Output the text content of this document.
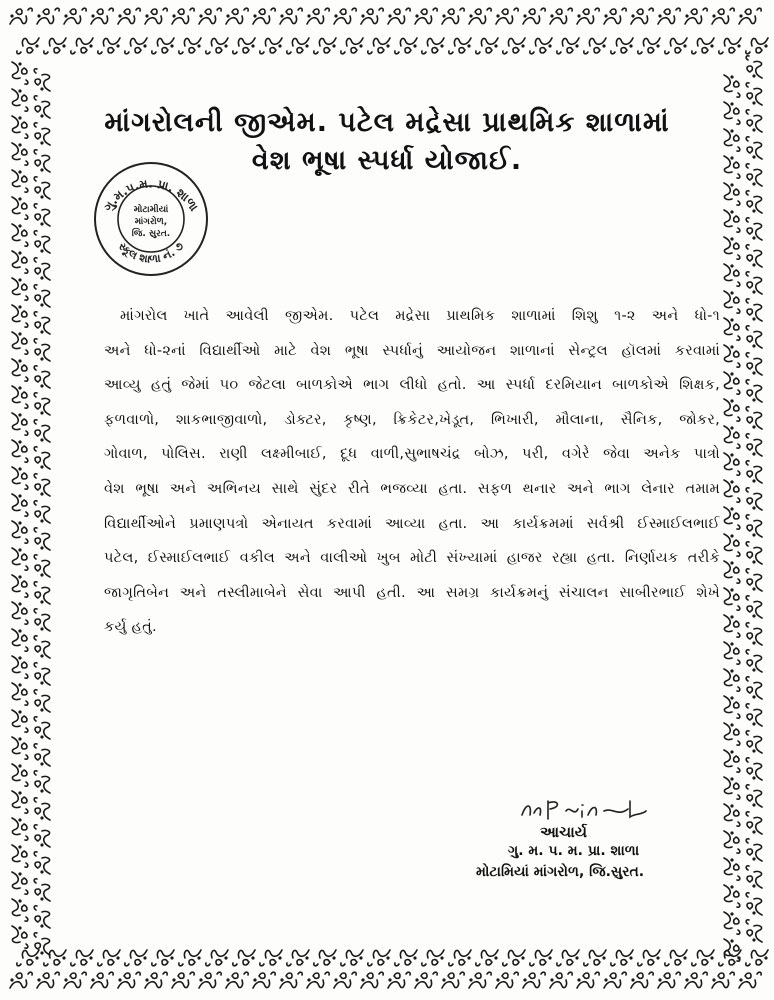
માંગરોલની જીએમ. પટેલ મદ્રેસા પ્રાથમિક શાળામાં
વેશ ભૂષા સ્પર્ધા યોજાઈ.
ગુ.મ.પ.મ. પ્રા. શાળા
સ્કૂલ શાળા નં. ૭
મોટામીયાં
માંગરોળ,
જિ. સુરત.
માંગરોલ ખાતે આવેલી જીએમ. પટેલ મદ્રેસા પ્રાથમિક શાળામાં શિશુ ૧-૨ અને ધો-૧
અને ધો-૨નાં વિદ્યાર્થીઓ માટે વેશ ભૂષા સ્પર્ધાનું આયોજન શાળાનાં સેન્ટ્રલ હૉલમાં કરવામાં
આવ્યુ હતું જેમાં ૫૦ જેટલા બાળકોએ ભાગ લીધો હતો. આ સ્પર્ધા દરમિયાન બાળકોએ શિક્ષક,
ફળવાળો, શાકભાજીવાળો, ડોક્ટર, કૃષ્ણ, ક્રિકેટર,ખેડૂત, ભિખારી, મૌલાના, સૈનિક, જોકર,
ગોવાળ, પોલિસ. રાણી લક્ષ્મીબાઈ, દૂધ વાળી,સુભાષચંદ્ર બોઝ, પરી, વગેરે જેવા અનેક પાત્રો
વેશ ભૂષા અને અભિનય સાથે સુંદર રીતે ભજવ્યા હતા. સફળ થનાર અને ભાગ લેનાર તમામ
વિદ્યાર્થીઓને પ્રમાણપત્રો એનાયત કરવામાં આવ્યા હતા. આ કાર્યક્રમમાં સર્વશ્રી ઈસ્માઈલભાઈ
પટેલ, ઈસ્માઈલભાઈ વકીલ અને વાલીઓ ખુબ મોટી સંખ્યામાં હાજર રહ્યા હતા. નિર્ણાયક તરીકે
જાગૃતિબેન અને તસ્લીમાબેને સેવા આપી હતી. આ સમગ્ર કાર્યક્રમનું સંચાલન સાબીરભાઈ શેખે
કર્યુ હતું.
આચાર્ય
ગુ. મ. પ. મ. પ્રા. શાળા
મોટામિયાં માંગરોળ, જિ.સુરત.
